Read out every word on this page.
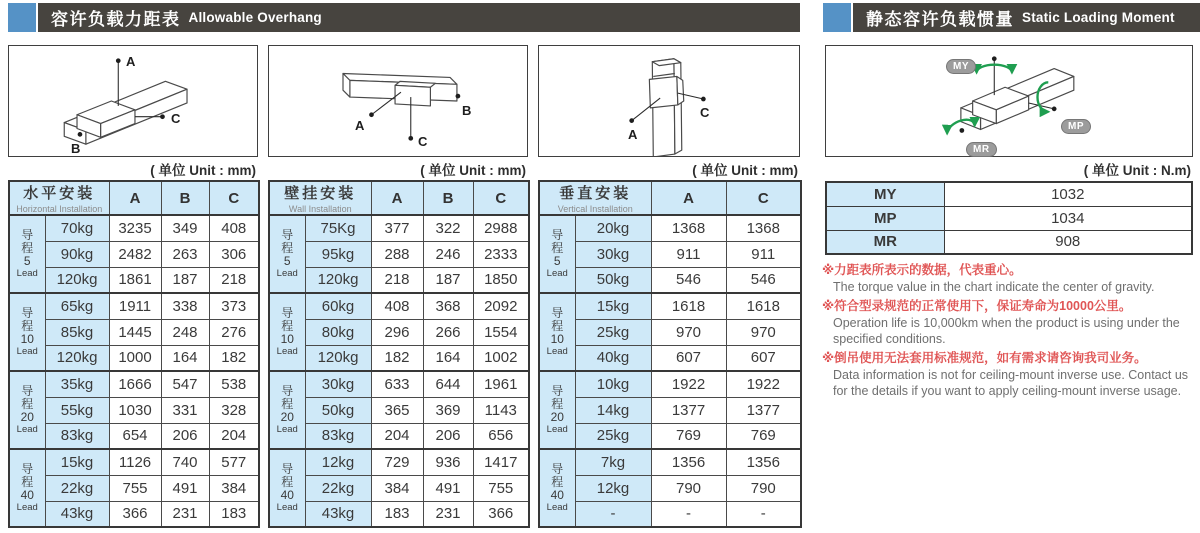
容许负载力距表 Allowable Overhang	静态容许负载惯量 Static Loading Moment
A
B
C	A
B
C	A
C
MY
MP
MR
( 单位 Unit : mm)	( 单位 Unit : mm)	( 单位 Unit : mm)	( 单位 Unit : N.m)
水平安装
Horizontal Installation		A	B	C

导
程
5
Lead	70kg	3235	349	408
	90kg	2482	263	306
	120kg	1861	187	218

导
程
10
Lead	65kg	1911	338	373
	85kg	1445	248	276
	120kg	1000	164	182

导
程
20
Lead	35kg	1666	547	538
	55kg	1030	331	328
	83kg	654	206	204

导
程
40
Lead	15kg	1126	740	577
	22kg	755	491	384
	43kg	366	231	183
壁挂安装
Wall Installation		A	B	C

导
程
5
Lead	75Kg	377	322	2988
	95kg	288	246	2333
	120kg	218	187	1850

导
程
10
Lead	60kg	408	368	2092
	80kg	296	266	1554
	120kg	182	164	1002

导
程
20
Lead	30kg	633	644	1961
	50kg	365	369	1143
	83kg	204	206	656

导
程
40
Lead	12kg	729	936	1417
	22kg	384	491	755
	43kg	183	231	366
垂直安装
Vertical Installation		A	C

导
程
5
Lead	20kg	1368	1368
	30kg	911	911
	50kg	546	546

导
程
10
Lead	15kg	1618	1618
	25kg	970	970
	40kg	607	607

导
程
20
Lead	10kg	1922	1922
	14kg	1377	1377
	25kg	769	769

导
程
40
Lead	7kg	1356	1356
	12kg	790	790
	-	-	-
MY	1032
MP	1034
MR	908
※力距表所表示的数据，代表重心。
The torque value in the chart indicate the center of gravity.
※符合型录规范的正常使用下，保证寿命为10000公里。
Operation life is 10,000km when the product is using under the specified conditions.
※倒吊使用无法套用标准规范，如有需求请咨询我司业务。
Data information is not for ceiling-mount inverse use. Contact us for the details if you want to apply ceiling-mount inverse usage.
